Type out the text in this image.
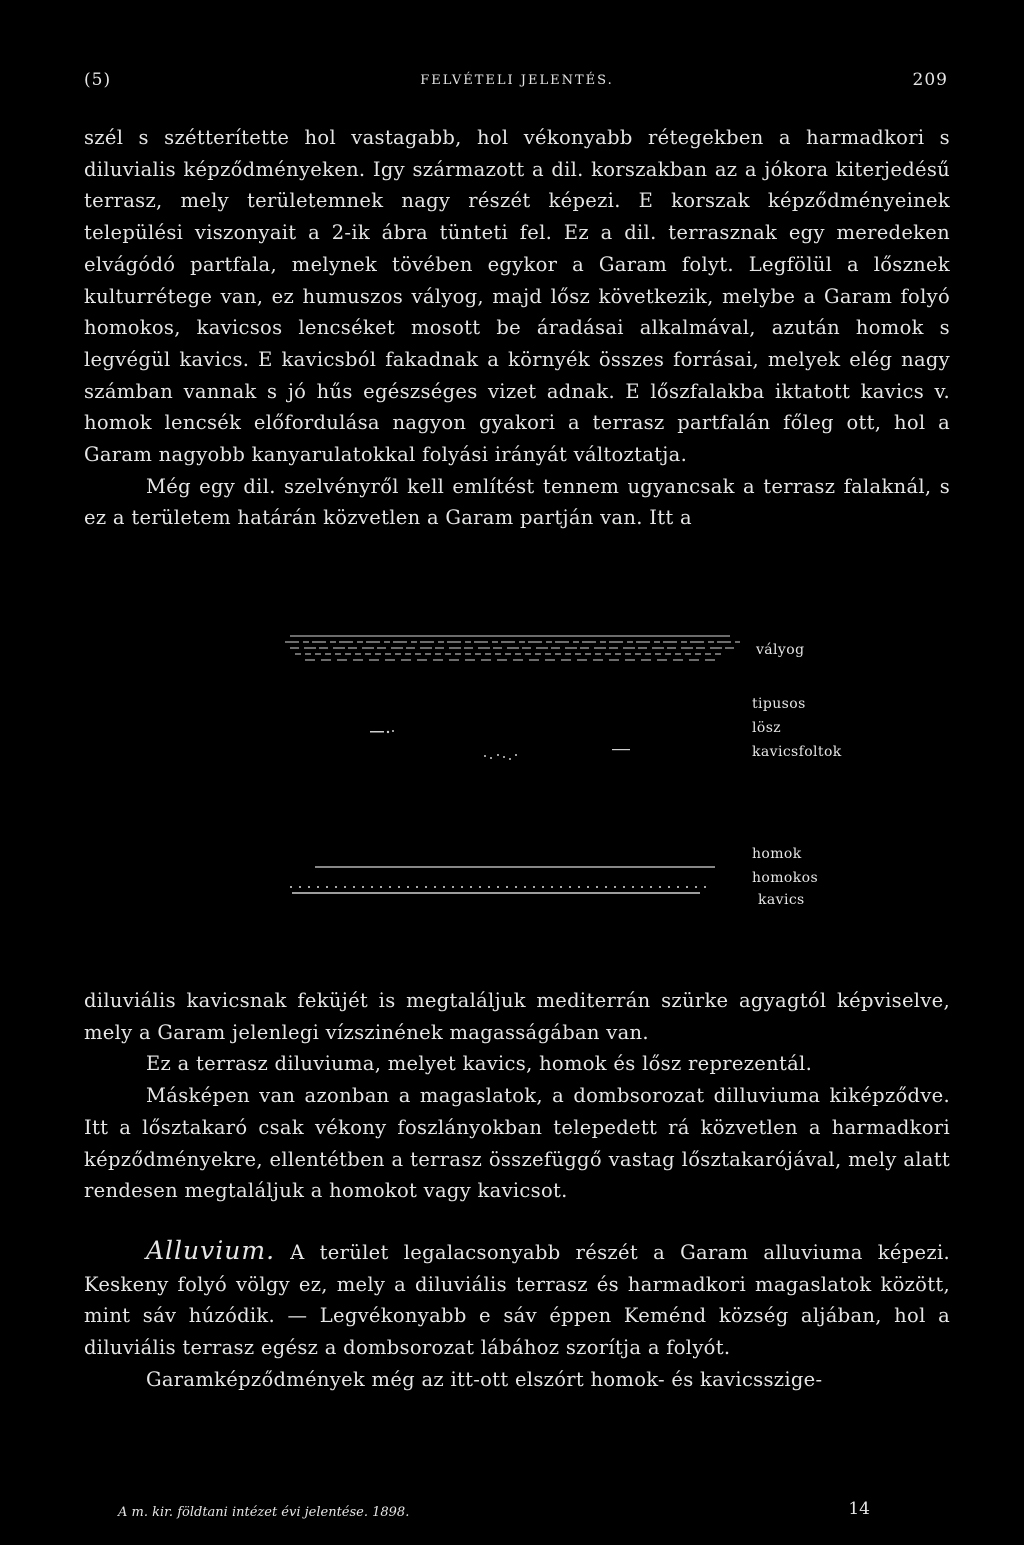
(5)	FELVÉTELI JELENTÉS.	209

szél s szétterítette hol vastagabb, hol vékonyabb rétegekben a harmadkori s diluvialis képződményeken. Igy származott a dil. korszakban az a jókora kiterjedésű terrasz, mely területemnek nagy részét képezi. E korszak képződményeinek települési viszonyait a 2-ik ábra tünteti fel. Ez a dil. terrasznak egy meredeken elvágódó partfala, melynek tövében egykor a Garam folyt. Legfölül a lősznek kulturrétege van, ez humuszos vályog, majd lősz következik, melybe a Garam folyó homokos, kavicsos lencséket mosott be áradásai alkalmával, azután homok s legvégül kavics. E kavicsból fakadnak a környék összes forrásai, melyek elég nagy számban vannak s jó hűs egészséges vizet adnak. E lőszfalakba iktatott kavics v. homok lencsék előfordulása nagyon gyakori a terrasz partfalán főleg ott, hol a Garam nagyobb kanyarulatokkal folyási irányát változtatja.

Még egy dil. szelvényről kell említést tennem ugyancsak a terrasz falaknál, s ez a területem határán közvetlen a Garam partján van. Itt a

vályog
tipusos
lösz
kavicsfoltok
homok
homokos
kavics

diluviális kavicsnak feküjét is megtaláljuk mediterrán szürke agyagtól képviselve, mely a Garam jelenlegi vízszinének magasságában van.

Ez a terrasz diluviuma, melyet kavics, homok és lősz reprezentál.

Másképen van azonban a magaslatok, a dombsorozat dilluviuma kiképződve. Itt a lősztakaró csak vékony foszlányokban telepedett rá közvetlen a harmadkori képződményekre, ellentétben a terrasz összefüggő vastag lősztakarójával, mely alatt rendesen megtaláljuk a homokot vagy kavicsot.

Alluvium. A terület legalacsonyabb részét a Garam alluviuma képezi. Keskeny folyó völgy ez, mely a diluviális terrasz és harmadkori magaslatok között, mint sáv húzódik. — Legvékonyabb e sáv éppen Keménd község aljában, hol a diluviális terrasz egész a dombsorozat lábához szorítja a folyót.

Garamképződmények még az itt-ott elszórt homok- és kavicsszige-

A m. kir. földtani intézet évi jelentése. 1898.	14
